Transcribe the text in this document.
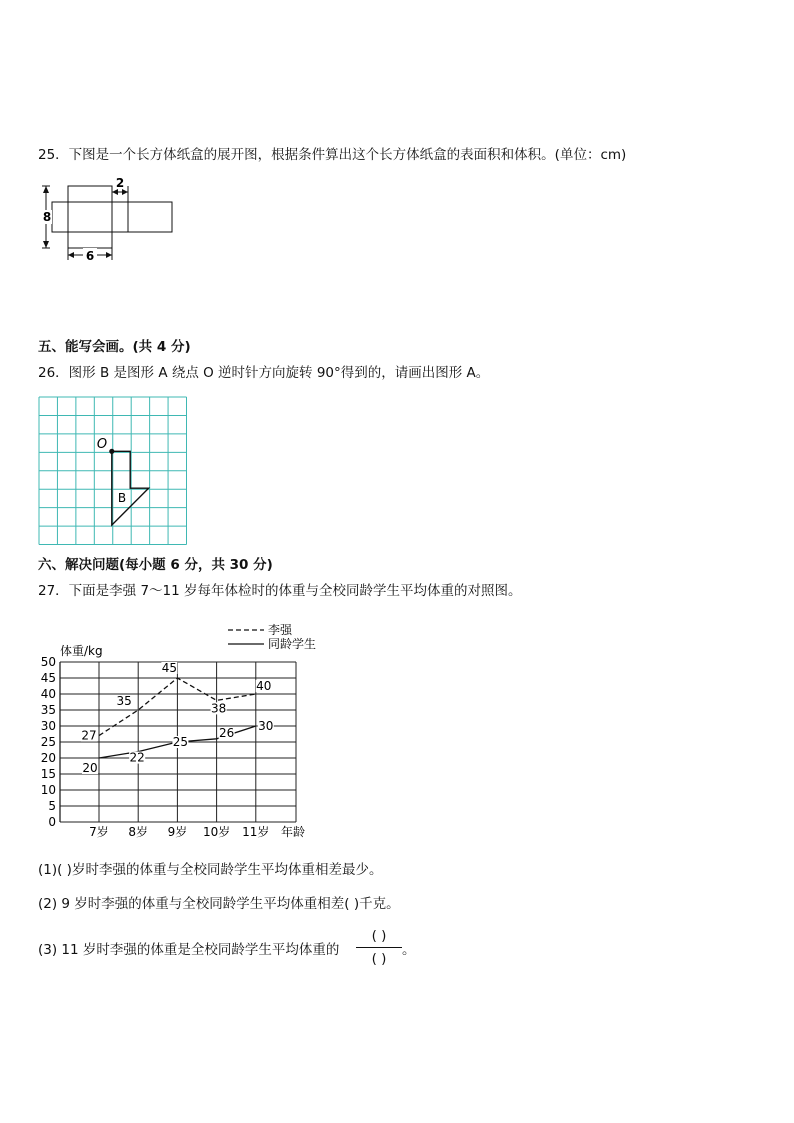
25．下图是一个长方体纸盒的展开图，根据条件算出这个长方体纸盒的表面积和体积。(单位：cm)
8
2
6
五、能写会画。(共 4 分)
26．图形 B 是图形 A 绕点 O 逆时针方向旋转 90°得到的，请画出图形 A。
O
B
六、解决问题(每小题 6 分，共 30 分)
27．下面是李强 7～11 岁每年体检时的体重与全校同龄学生平均体重的对照图。
0
5
10
15
20
25
30
35
40
45
50
7岁 8岁 9岁 10岁 11岁
27
35
45
38
40
20
22
25
26 30
李强
同龄学生
体重/kg
年龄
(1)( )岁时李强的体重与全校同龄学生平均体重相差最少。
(2) 9 岁时李强的体重与全校同龄学生平均体重相差( )千克。
(3) 11 岁时李强的体重是全校同龄学生平均体重的
( )
( )
。
